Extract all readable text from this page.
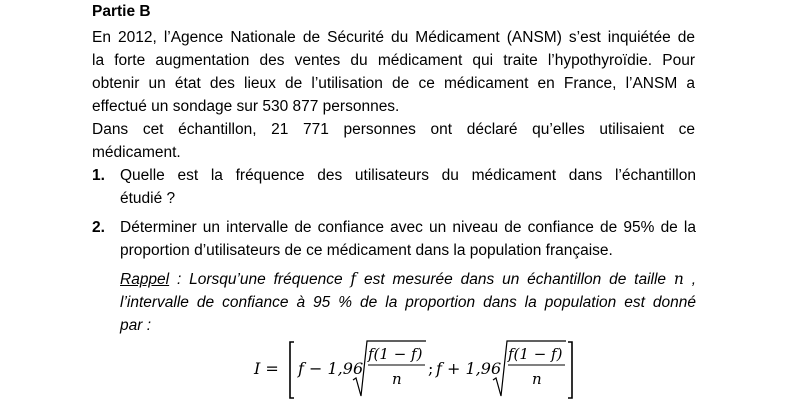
Partie B
En 2012, l’Agence Nationale de Sécurité du Médicament (ANSM) s’est inquiétée de
la forte augmentation des ventes du médicament qui traite l’hypothyroïdie. Pour
obtenir un état des lieux de l’utilisation de ce médicament en France, l’ANSM a
effectué un sondage sur 530 877 personnes.
Dans cet échantillon, 21 771 personnes ont déclaré qu’elles utilisaient ce
médicament.
1. Quelle est la fréquence des utilisateurs du médicament dans l’échantillon
étudié ?
2. Déterminer un intervalle de confiance avec un niveau de confiance de 95% de la
proportion d’utilisateurs de ce médicament dans la population française.
Rappel : Lorsqu’une fréquence f est mesurée dans un échantillon de taille n ,
l’intervalle de confiance à 95 % de la proportion dans la population est donné
par :
I = f − 1,96
f(1 − f)
n
; f + 1,96
f(1 − f)
n
